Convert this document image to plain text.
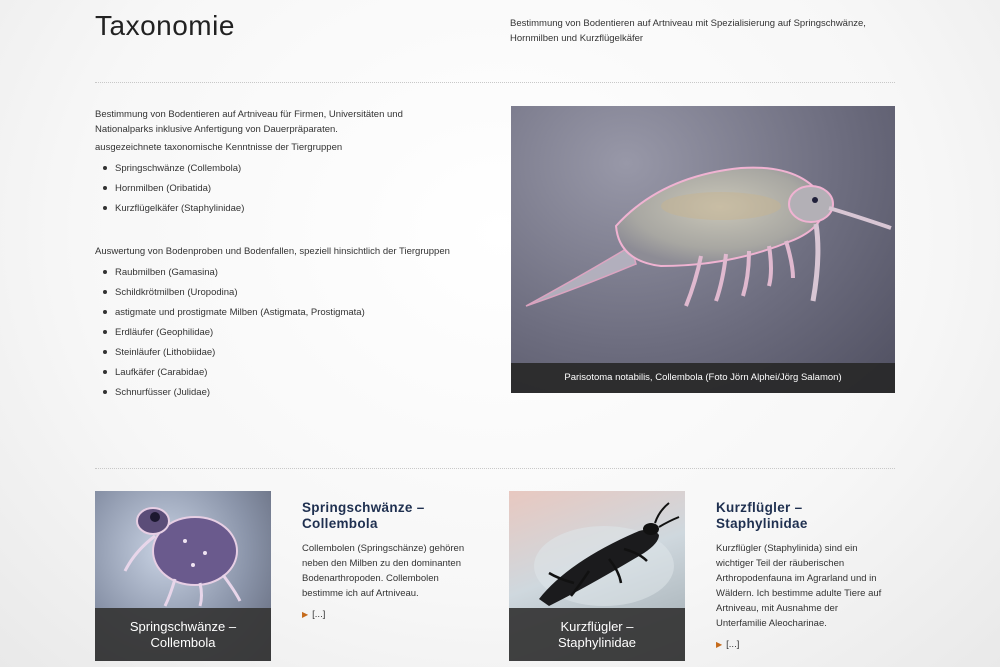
Taxonomie	Bestimmung von Bodentieren auf Artniveau mit Spezialisierung auf Springschwänze, Hornmilben und Kurzflügelkäfer

Bestimmung von Bodentieren auf Artniveau für Firmen, Universitäten und Nationalparks inklusive Anfertigung von Dauerpräparaten.

ausgezeichnete taxonomische Kenntnisse der Tiergruppen

Springschwänze (Collembola)
Hornmilben (Oribatida)
Kurzflügelkäfer (Staphylinidae)

Auswertung von Bodenproben und Bodenfallen, speziell hinsichtlich der Tiergruppen

Raubmilben (Gamasina)
Schildkrötmilben (Uropodina)
astigmate und prostigmate Milben (Astigmata, Prostigmata)
Erdläufer (Geophilidae)
Steinläufer (Lithobiidae)
Laufkäfer (Carabidae)
Schnurfüsser (Julidae)
Parisotoma notabilis, Collembola (Foto Jörn Alphei/Jörg Salamon)
Springschwänze –
Collembola
Springschwänze –
Collembola
Collembolen (Springschänze) gehören neben den Milben zu den dominanten Bodenarthropoden. Collembolen bestimme ich auf Artniveau.
▶ [...]
Kurzflügler –
Staphylinidae
Kurzflügler –
Staphylinidae
Kurzflügler (Staphylinida) sind ein wichtiger Teil der räuberischen Arthropodenfauna im Agrarland und in Wäldern. Ich bestimme adulte Tiere auf Artniveau, mit Ausnahme der Unterfamilie Aleocharinae.
▶ [...]
